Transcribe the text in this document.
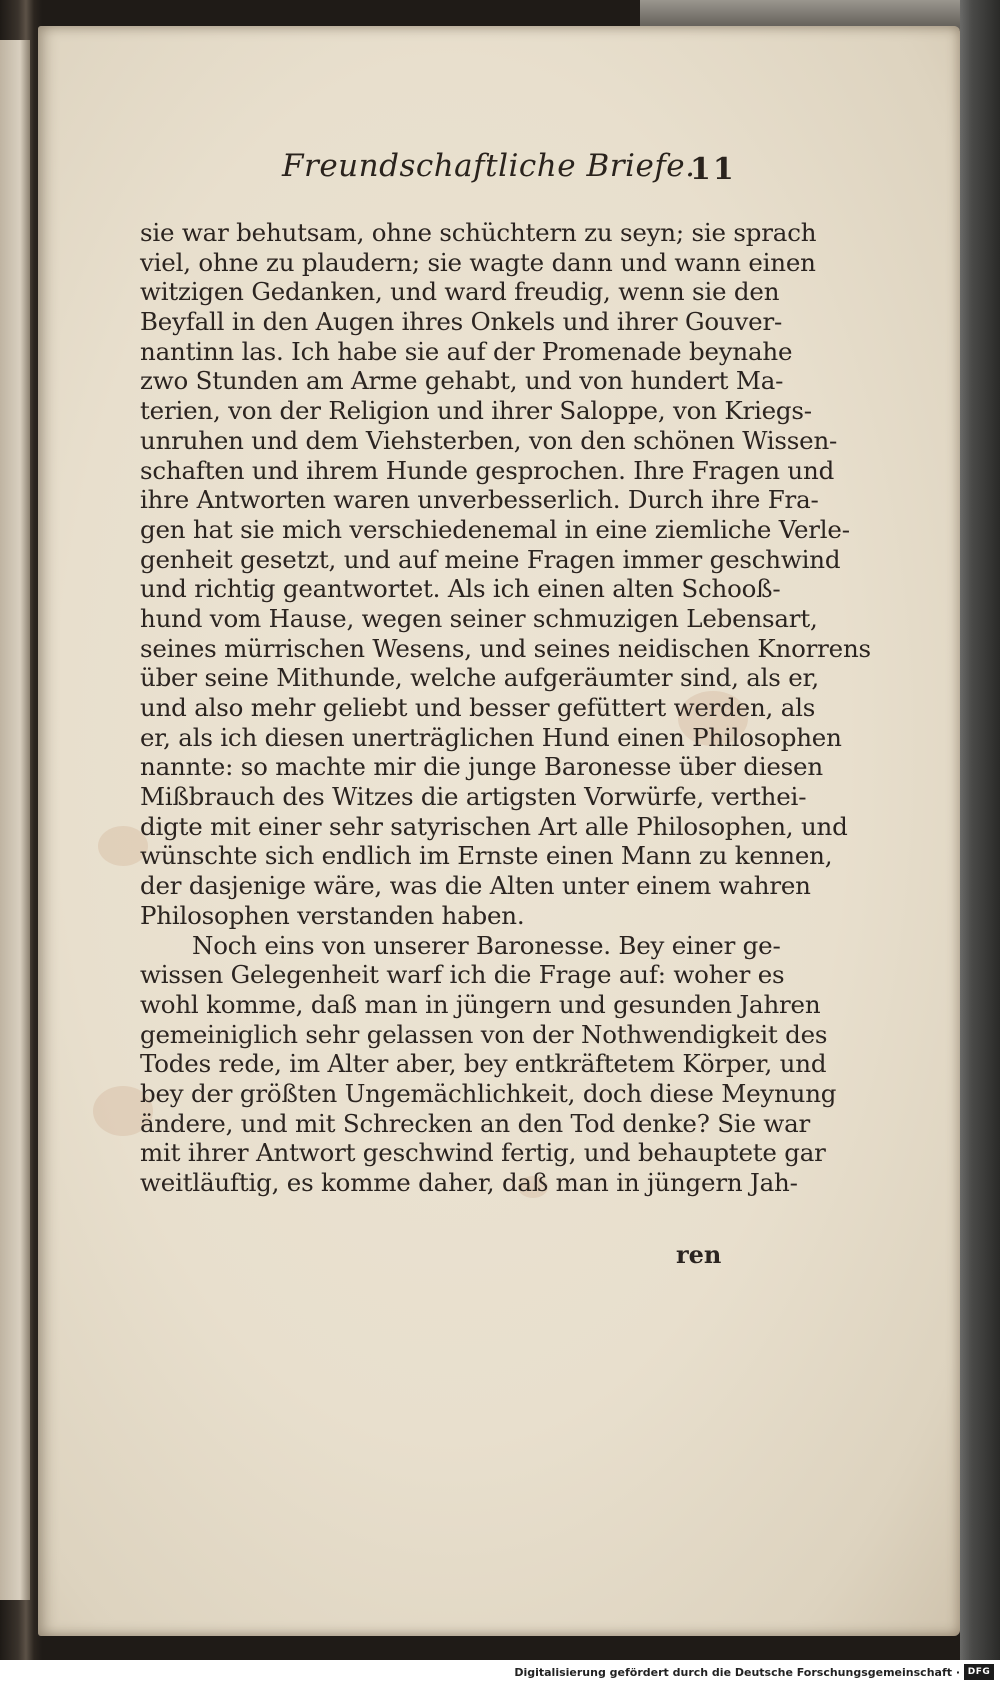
Freundschaftliche Briefe.
11
sie war behutsam, ohne schüchtern zu seyn; sie sprach
viel, ohne zu plaudern; sie wagte dann und wann einen
witzigen Gedanken, und ward freudig, wenn sie den
Beyfall in den Augen ihres Onkels und ihrer Gouver-
nantinn las. Ich habe sie auf der Promenade beynahe
zwo Stunden am Arme gehabt, und von hundert Ma-
terien, von der Religion und ihrer Saloppe, von Kriegs-
unruhen und dem Viehsterben, von den schönen Wissen-
schaften und ihrem Hunde gesprochen. Ihre Fragen und
ihre Antworten waren unverbesserlich. Durch ihre Fra-
gen hat sie mich verschiedenemal in eine ziemliche Verle-
genheit gesetzt, und auf meine Fragen immer geschwind
und richtig geantwortet. Als ich einen alten Schooß-
hund vom Hause, wegen seiner schmuzigen Lebensart,
seines mürrischen Wesens, und seines neidischen Knorrens
über seine Mithunde, welche aufgeräumter sind, als er,
und also mehr geliebt und besser gefüttert werden, als
er, als ich diesen unerträglichen Hund einen Philosophen
nannte: so machte mir die junge Baronesse über diesen
Mißbrauch des Witzes die artigsten Vorwürfe, verthei-
digte mit einer sehr satyrischen Art alle Philosophen, und
wünschte sich endlich im Ernste einen Mann zu kennen,
der dasjenige wäre, was die Alten unter einem wahren
Philosophen verstanden haben.
Noch eins von unserer Baronesse. Bey einer ge-
wissen Gelegenheit warf ich die Frage auf: woher es
wohl komme, daß man in jüngern und gesunden Jahren
gemeiniglich sehr gelassen von der Nothwendigkeit des
Todes rede, im Alter aber, bey entkräftetem Körper, und
bey der größten Ungemächlichkeit, doch diese Meynung
ändere, und mit Schrecken an den Tod denke? Sie war
mit ihrer Antwort geschwind fertig, und behauptete gar
weitläuftig, es komme daher, daß man in jüngern Jah-
ren
Digitalisierung gefördert durch die Deutsche Forschungsgemeinschaft · DFG
